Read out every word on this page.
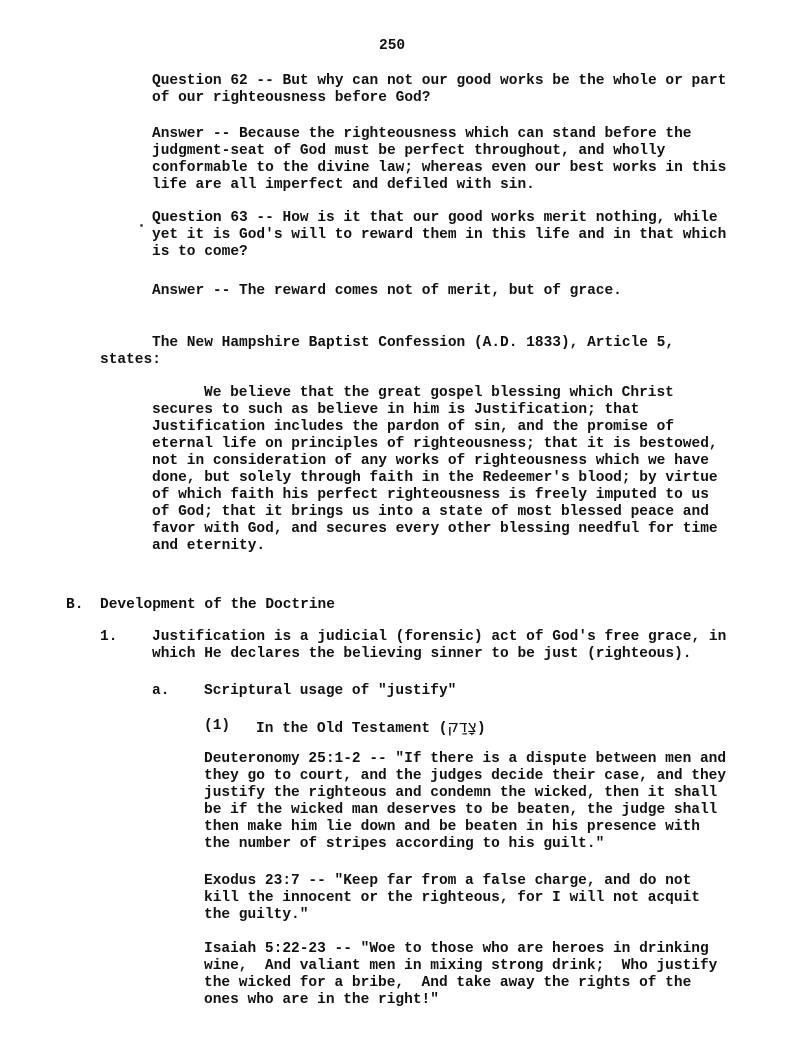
250
Question 62 -- But why can not our good works be the whole or part
of our righteousness before God?
Answer -- Because the righteousness which can stand before the
judgment-seat of God must be perfect throughout, and wholly
conformable to the divine law; whereas even our best works in this
life are all imperfect and defiled with sin.
Question 63 -- How is it that our good works merit nothing, while
yet it is God's will to reward them in this life and in that which
is to come?
Answer -- The reward comes not of merit, but of grace.
The New Hampshire Baptist Confession (A.D. 1833), Article 5,
states:
We believe that the great gospel blessing which Christ
secures to such as believe in him is Justification; that
Justification includes the pardon of sin, and the promise of
eternal life on principles of righteousness; that it is bestowed,
not in consideration of any works of righteousness which we have
done, but solely through faith in the Redeemer's blood; by virtue
of which faith his perfect righteousness is freely imputed to us
of God; that it brings us into a state of most blessed peace and
favor with God, and secures every other blessing needful for time
and eternity.
B. Development of the Doctrine
1. Justification is a judicial (forensic) act of God's free grace, in
which He declares the believing sinner to be just (righteous).
a. Scriptural usage of "justify"
(1) In the Old Testament (צָדַק)
Deuteronomy 25:1-2 -- "If there is a dispute between men and
they go to court, and the judges decide their case, and they
justify the righteous and condemn the wicked, then it shall
be if the wicked man deserves to be beaten, the judge shall
then make him lie down and be beaten in his presence with
the number of stripes according to his guilt."
Exodus 23:7 -- "Keep far from a false charge, and do not
kill the innocent or the righteous, for I will not acquit
the guilty."
Isaiah 5:22-23 -- "Woe to those who are heroes in drinking
wine,  And valiant men in mixing strong drink;  Who justify
the wicked for a bribe,  And take away the rights of the
ones who are in the right!"
